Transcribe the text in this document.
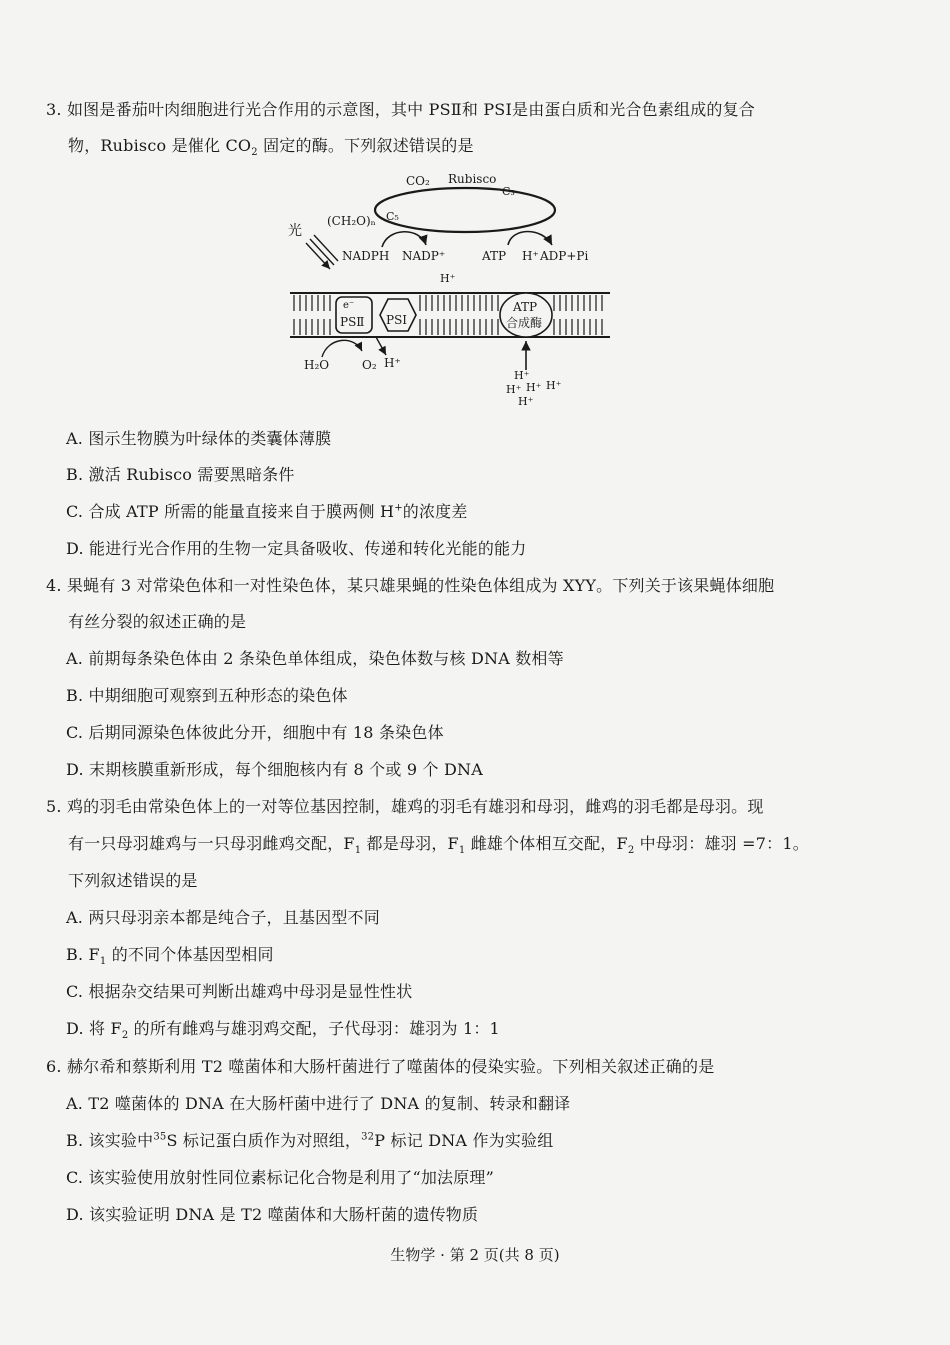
3. 如图是番茄叶肉细胞进行光合作用的示意图，其中 PSⅡ和 PSⅠ是由蛋白质和光合色素组成的复合
物，Rubisco 是催化 $CO_2$ 固定的酶。下列叙述错误的是
CO₂ Rubisco
C₃
(CH₂O)ₙ C₅
光
NADPH NADP⁺
H⁺
ATP H⁺ ADP+Pi
e⁻
PSⅡ PSⅠ
ATP
合成酶
H₂O	O₂ H⁺
H⁺
H⁺ H⁺ H⁺
H⁺
A. 图示生物膜为叶绿体的类囊体薄膜
B. 激活 Rubisco 需要黑暗条件
C. 合成 ATP 所需的能量直接来自于膜两侧 H+的浓度差
D. 能进行光合作用的生物一定具备吸收、传递和转化光能的能力
4. 果蝇有 3 对常染色体和一对性染色体，某只雄果蝇的性染色体组成为 XYY。下列关于该果蝇体细胞
有丝分裂的叙述正确的是
A. 前期每条染色体由 2 条染色单体组成，染色体数与核 DNA 数相等
B. 中期细胞可观察到五种形态的染色体
C. 后期同源染色体彼此分开，细胞中有 18 条染色体
D. 末期核膜重新形成，每个细胞核内有 8 个或 9 个 DNA
5. 鸡的羽毛由常染色体上的一对等位基因控制，雄鸡的羽毛有雄羽和母羽，雌鸡的羽毛都是母羽。现
有一只母羽雄鸡与一只母羽雌鸡交配，$F_1$ 都是母羽，$F_1$ 雌雄个体相互交配，$F_2$ 中母羽：雄羽 =7：1。
下列叙述错误的是
A. 两只母羽亲本都是纯合子，且基因型不同
B. $F_1$ 的不同个体基因型相同
C. 根据杂交结果可判断出雄鸡中母羽是显性性状
D. 将 $F_2$ 的所有雌鸡与雄羽鸡交配，子代母羽：雄羽为 1：1
6. 赫尔希和蔡斯利用 T2 噬菌体和大肠杆菌进行了噬菌体的侵染实验。下列相关叙述正确的是
A. T2 噬菌体的 DNA 在大肠杆菌中进行了 DNA 的复制、转录和翻译
B. 该实验中$^{35}$S 标记蛋白质作为对照组，$^{32}$P 标记 DNA 作为实验组
C. 该实验使用放射性同位素标记化合物是利用了“加法原理”
D. 该实验证明 DNA 是 T2 噬菌体和大肠杆菌的遗传物质
生物学 · 第 2 页(共 8 页)
